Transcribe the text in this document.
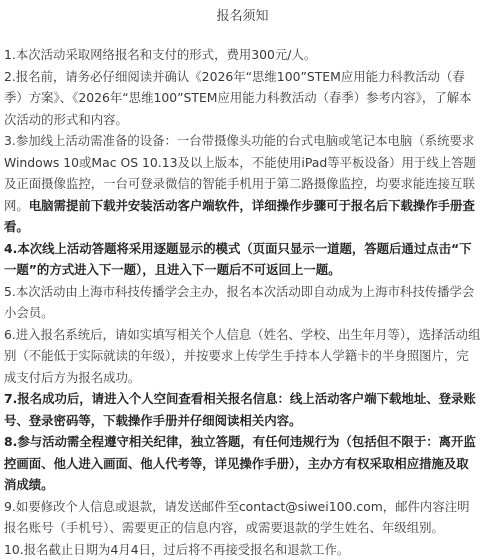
报名须知

1.本次活动采取网络报名和支付的形式，费用300元/人。

2.报名前，请务必仔细阅读并确认《2026年“思维100”STEM应用能力科教活动（春季）方案》、《2026年“思维100”STEM应用能力科教活动（春季）参考内容》，了解本次活动的形式和内容。

3.参加线上活动需准备的设备：一台带摄像头功能的台式电脑或笔记本电脑（系统要求Windows 10或Mac OS 10.13及以上版本，不能使用iPad等平板设备）用于线上答题及正面摄像监控，一台可登录微信的智能手机用于第二路摄像监控，均要求能连接互联网。电脑需提前下载并安装活动客户端软件，详细操作步骤可于报名后下载操作手册查看。

4.本次线上活动答题将采用逐题显示的模式（页面只显示一道题，答题后通过点击“下一题”的方式进入下一题），且进入下一题后不可返回上一题。

5.本次活动由上海市科技传播学会主办，报名本次活动即自动成为上海市科技传播学会小会员。

6.进入报名系统后，请如实填写相关个人信息（姓名、学校、出生年月等），选择活动组别（不能低于实际就读的年级），并按要求上传学生手持本人学籍卡的半身照图片，完成支付后方为报名成功。

7.报名成功后，请进入个人空间查看相关报名信息：线上活动客户端下载地址、登录账号、登录密码等，下载操作手册并仔细阅读相关内容。

8.参与活动需全程遵守相关纪律，独立答题，有任何违规行为（包括但不限于：离开监控画面、他人进入画面、他人代考等，详见操作手册），主办方有权采取相应措施及取消成绩。

9.如要修改个人信息或退款，请发送邮件至contact@siwei100.com，邮件内容注明报名账号（手机号）、需要更正的信息内容，或需要退款的学生姓名、年级组别。

10.报名截止日期为4月4日，过后将不再接受报名和退款工作。
